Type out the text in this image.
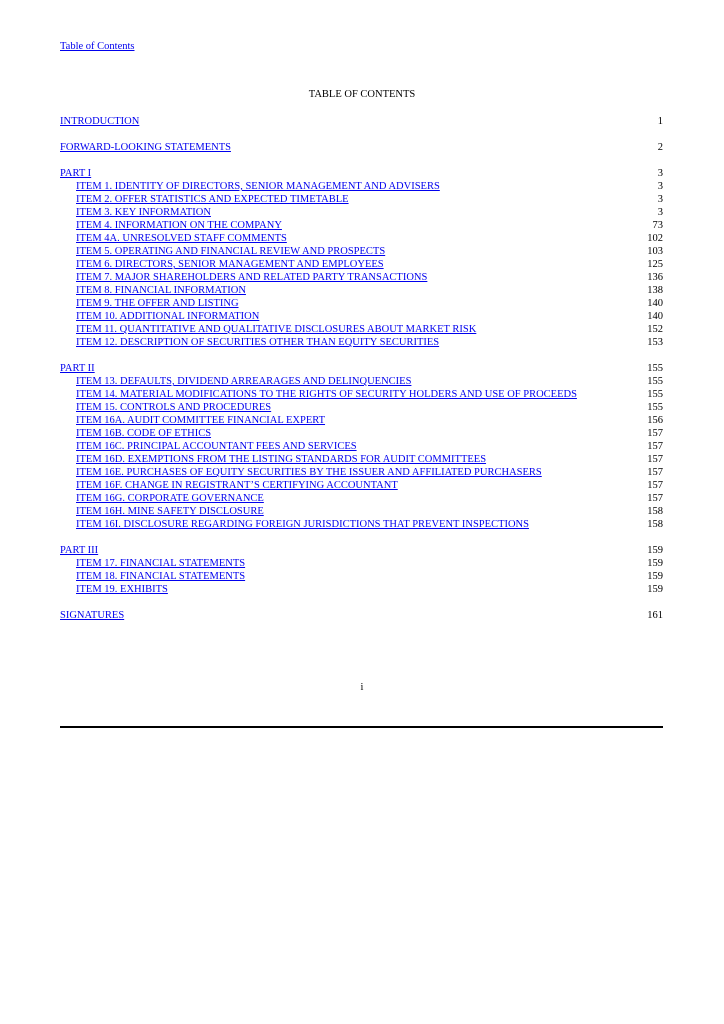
Table of Contents
TABLE OF CONTENTS
INTRODUCTION	1
FORWARD-LOOKING STATEMENTS	2
PART I	3
ITEM 1. IDENTITY OF DIRECTORS, SENIOR MANAGEMENT AND ADVISERS	3
ITEM 2. OFFER STATISTICS AND EXPECTED TIMETABLE	3
ITEM 3. KEY INFORMATION	3
ITEM 4. INFORMATION ON THE COMPANY	73
ITEM 4A. UNRESOLVED STAFF COMMENTS	102
ITEM 5. OPERATING AND FINANCIAL REVIEW AND PROSPECTS	103
ITEM 6. DIRECTORS, SENIOR MANAGEMENT AND EMPLOYEES	125
ITEM 7. MAJOR SHAREHOLDERS AND RELATED PARTY TRANSACTIONS	136
ITEM 8. FINANCIAL INFORMATION	138
ITEM 9. THE OFFER AND LISTING	140
ITEM 10. ADDITIONAL INFORMATION	140
ITEM 11. QUANTITATIVE AND QUALITATIVE DISCLOSURES ABOUT MARKET RISK	152
ITEM 12. DESCRIPTION OF SECURITIES OTHER THAN EQUITY SECURITIES	153
PART II	155
ITEM 13. DEFAULTS, DIVIDEND ARREARAGES AND DELINQUENCIES	155
ITEM 14. MATERIAL MODIFICATIONS TO THE RIGHTS OF SECURITY HOLDERS AND USE OF PROCEEDS	155
ITEM 15. CONTROLS AND PROCEDURES	155
ITEM 16A. AUDIT COMMITTEE FINANCIAL EXPERT	156
ITEM 16B. CODE OF ETHICS	157
ITEM 16C. PRINCIPAL ACCOUNTANT FEES AND SERVICES	157
ITEM 16D. EXEMPTIONS FROM THE LISTING STANDARDS FOR AUDIT COMMITTEES	157
ITEM 16E. PURCHASES OF EQUITY SECURITIES BY THE ISSUER AND AFFILIATED PURCHASERS	157
ITEM 16F. CHANGE IN REGISTRANT’S CERTIFYING ACCOUNTANT	157
ITEM 16G. CORPORATE GOVERNANCE	157
ITEM 16H. MINE SAFETY DISCLOSURE	158
ITEM 16I. DISCLOSURE REGARDING FOREIGN JURISDICTIONS THAT PREVENT INSPECTIONS	158
PART III	159
ITEM 17. FINANCIAL STATEMENTS	159
ITEM 18. FINANCIAL STATEMENTS	159
ITEM 19. EXHIBITS	159
SIGNATURES	161
i
